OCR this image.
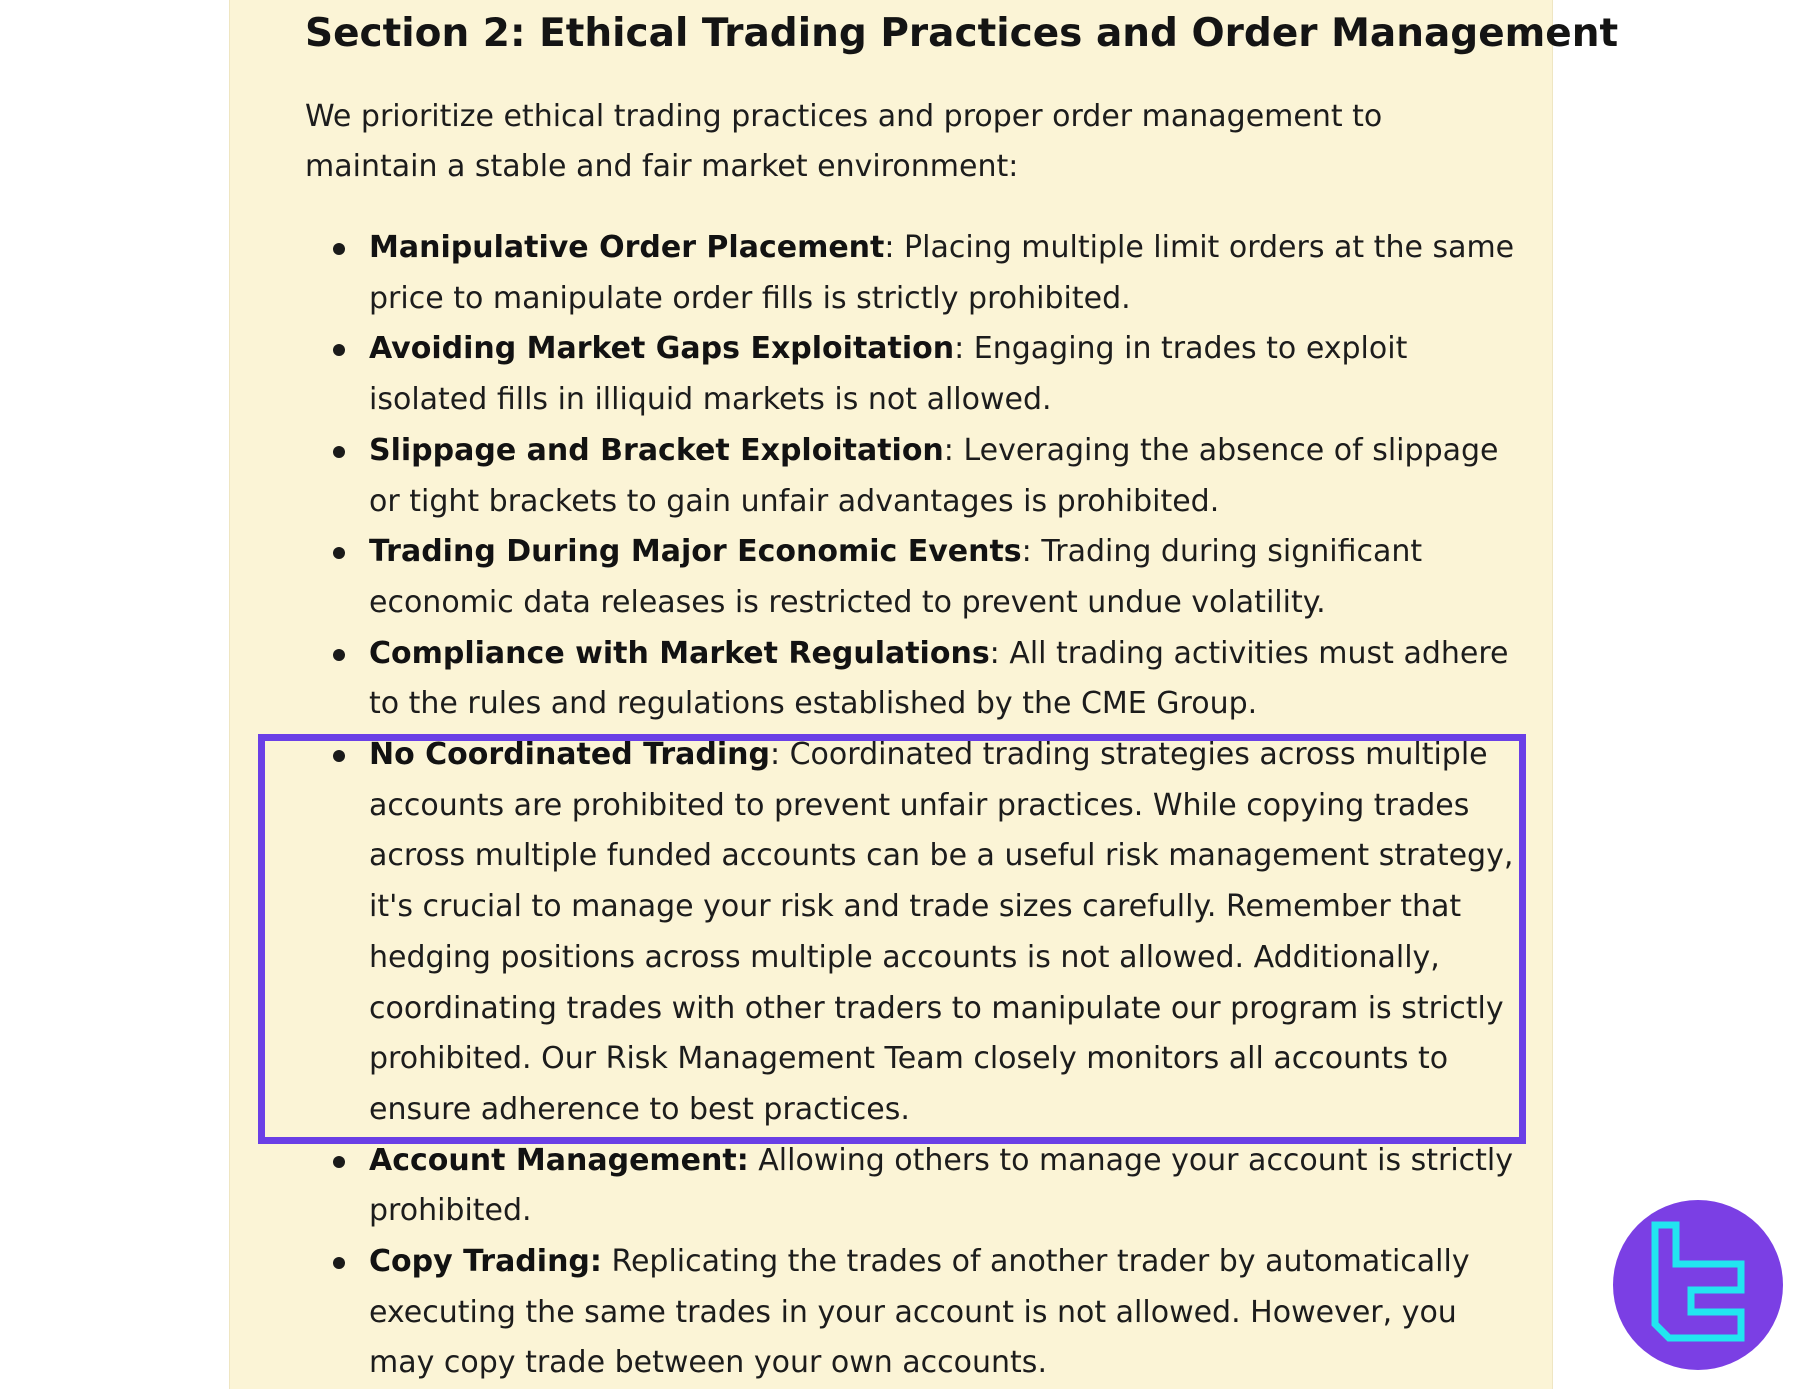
Section 2: Ethical Trading Practices and Order Management

We prioritize ethical trading practices and proper order management to maintain a stable and fair market environment:

Manipulative Order Placement: Placing multiple limit orders at the same price to manipulate order fills is strictly prohibited.
Avoiding Market Gaps Exploitation: Engaging in trades to exploit isolated fills in illiquid markets is not allowed.
Slippage and Bracket Exploitation: Leveraging the absence of slippage or tight brackets to gain unfair advantages is prohibited.
Trading During Major Economic Events: Trading during significant economic data releases is restricted to prevent undue volatility.
Compliance with Market Regulations: All trading activities must adhere to the rules and regulations established by the CME Group.
No Coordinated Trading: Coordinated trading strategies across multiple accounts are prohibited to prevent unfair practices. While copying trades across multiple funded accounts can be a useful risk management strategy, it's crucial to manage your risk and trade sizes carefully. Remember that hedging positions across multiple accounts is not allowed. Additionally, coordinating trades with other traders to manipulate our program is strictly prohibited. Our Risk Management Team closely monitors all accounts to ensure adherence to best practices.
Account Management: Allowing others to manage your account is strictly prohibited.
Copy Trading: Replicating the trades of another trader by automatically executing the same trades in your account is not allowed. However, you may copy trade between your own accounts.
